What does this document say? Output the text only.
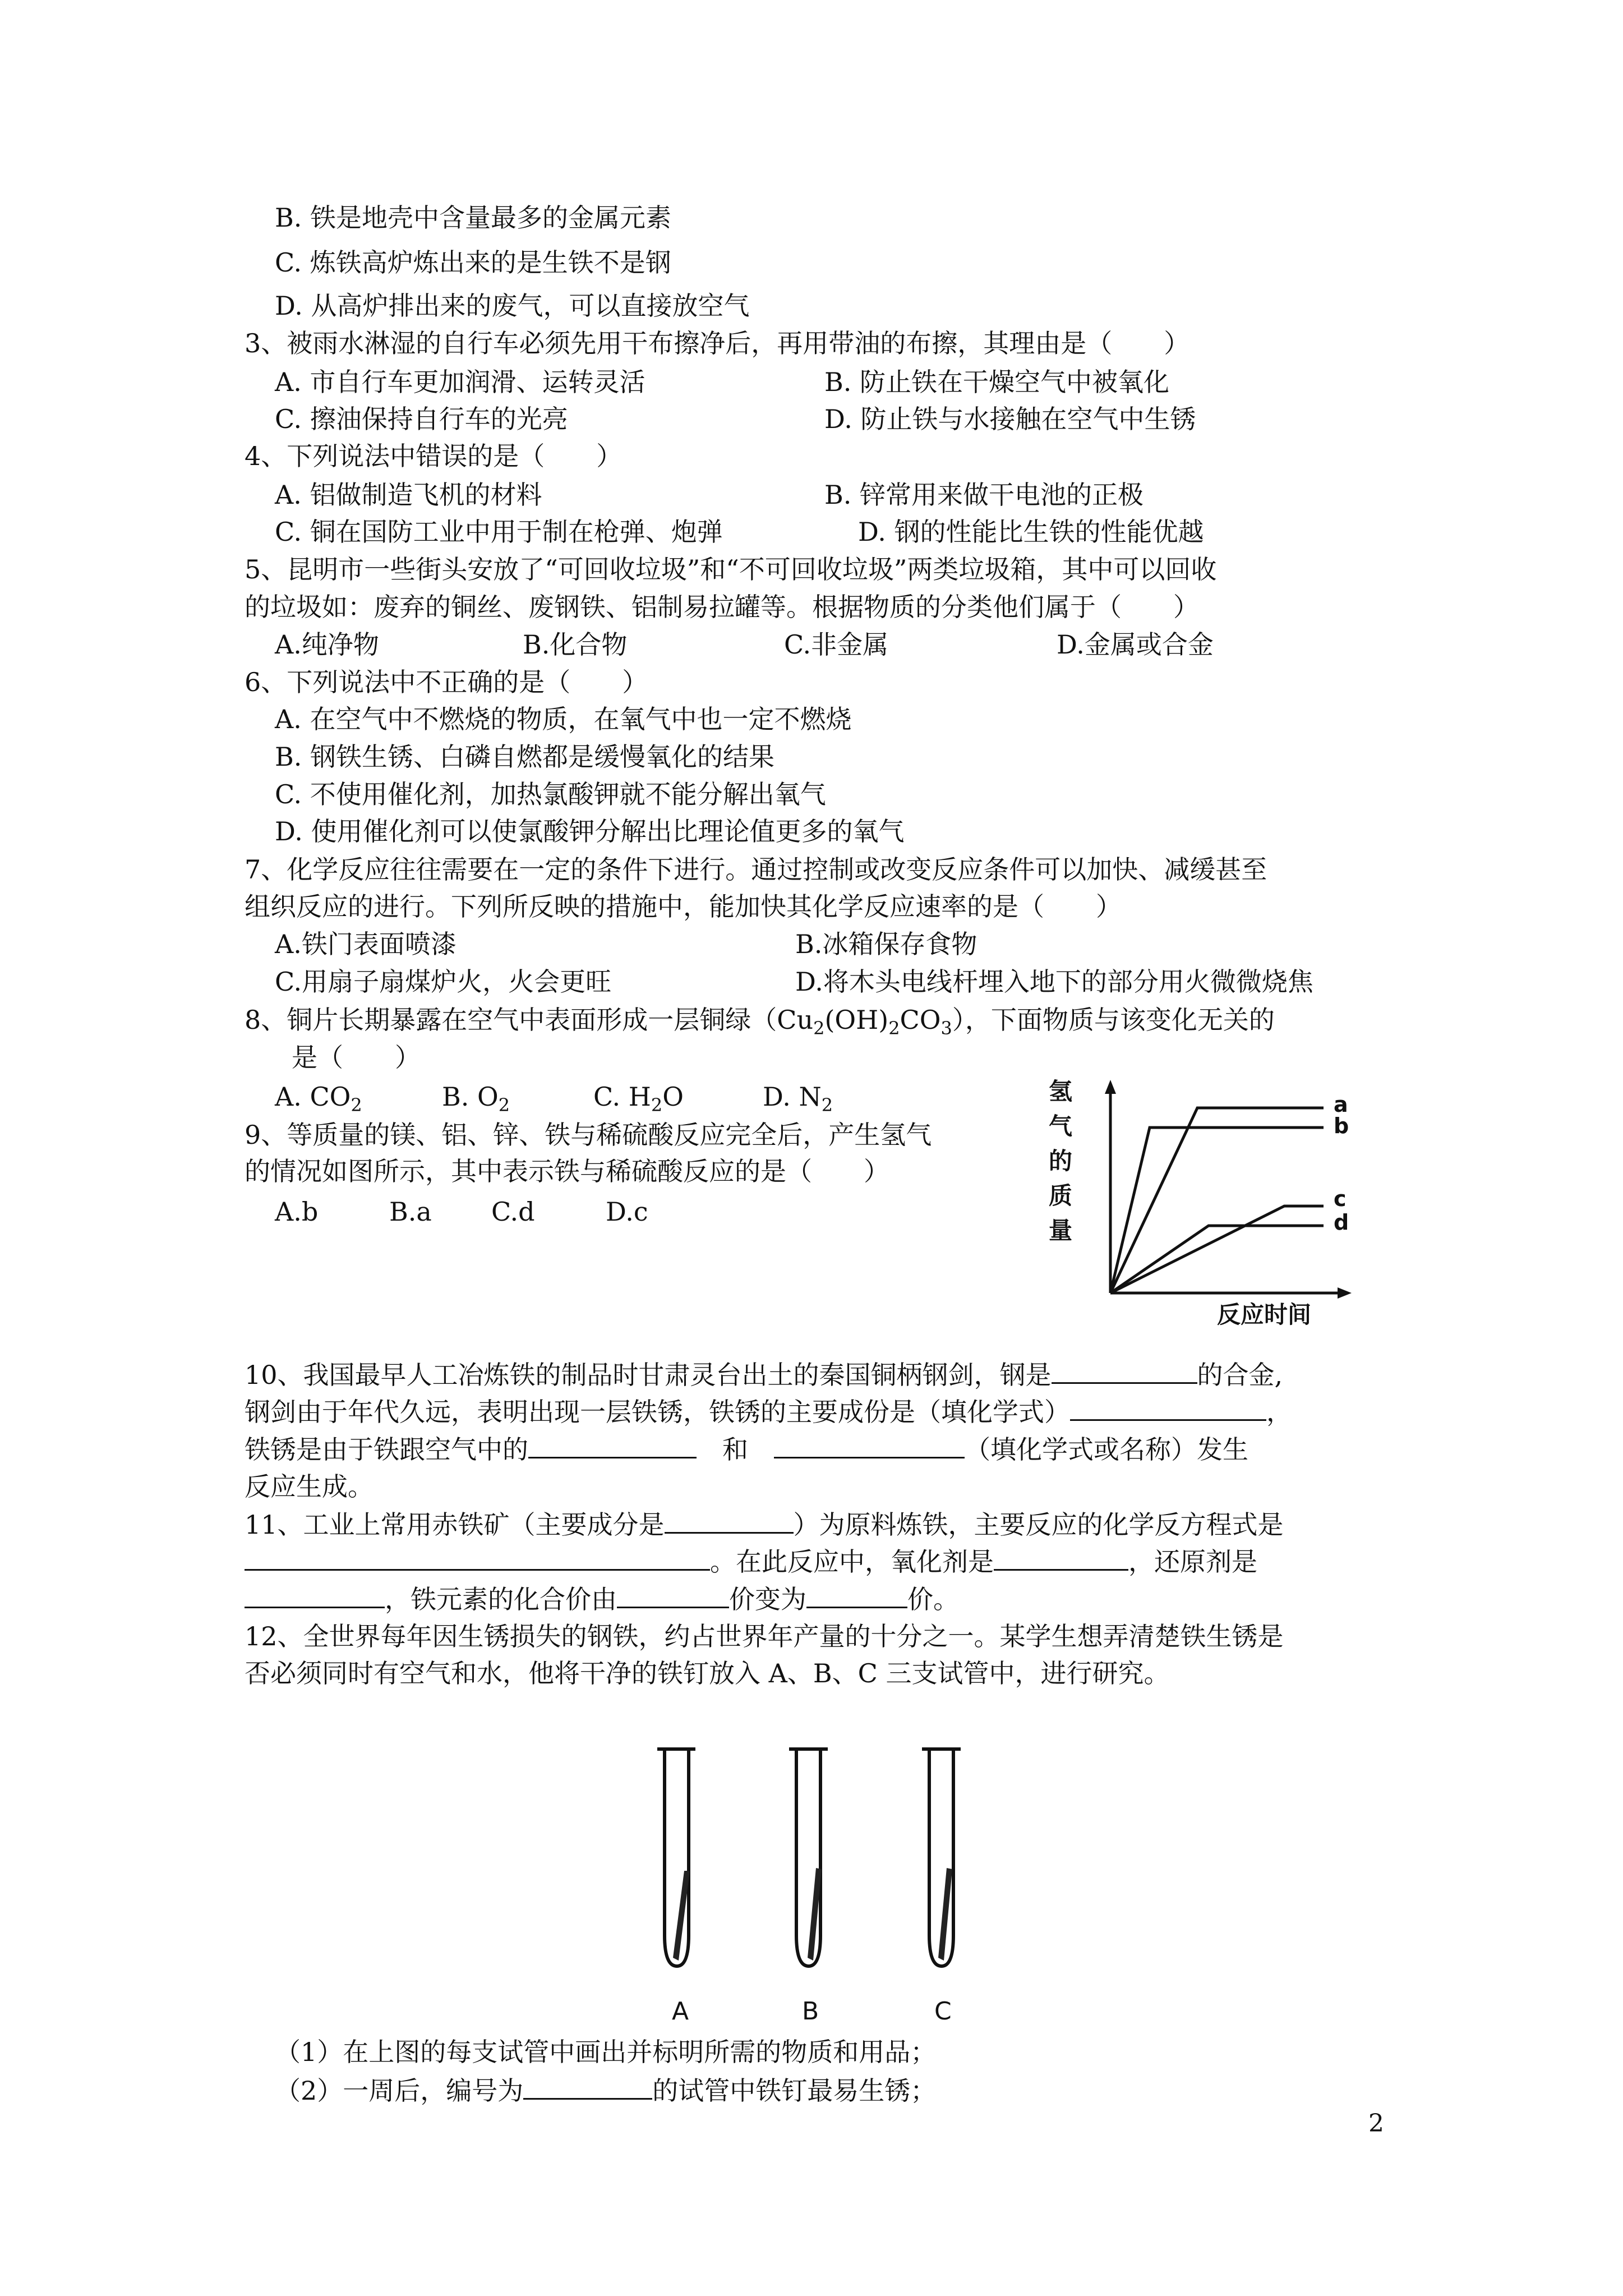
B. 铁是地壳中含量最多的金属元素
C. 炼铁高炉炼出来的是生铁不是钢
D. 从高炉排出来的废气，可以直接放空气
3、被雨水淋湿的自行车必须先用干布擦净后，再用带油的布擦，其理由是（　　）
A. 市自行车更加润滑、运转灵活	B. 防止铁在干燥空气中被氧化
C. 擦油保持自行车的光亮	D. 防止铁与水接触在空气中生锈
4、下列说法中错误的是（　　）
A. 铝做制造飞机的材料	B. 锌常用来做干电池的正极
C. 铜在国防工业中用于制在枪弹、炮弹	D. 钢的性能比生铁的性能优越
5、昆明市一些街头安放了“可回收垃圾”和“不可回收垃圾”两类垃圾箱，其中可以回收
的垃圾如：废弃的铜丝、废钢铁、铝制易拉罐等。根据物质的分类他们属于（　　）
A.纯净物	B.化合物	C.非金属	D.金属或合金
6、下列说法中不正确的是（　　）
A. 在空气中不燃烧的物质，在氧气中也一定不燃烧
B. 钢铁生锈、白磷自燃都是缓慢氧化的结果
C. 不使用催化剂，加热氯酸钾就不能分解出氧气
D. 使用催化剂可以使氯酸钾分解出比理论值更多的氧气
7、化学反应往往需要在一定的条件下进行。通过控制或改变反应条件可以加快、减缓甚至
组织反应的进行。下列所反映的措施中，能加快其化学反应速率的是（　　）
A.铁门表面喷漆	B.冰箱保存食物
C.用扇子扇煤炉火，火会更旺	D.将木头电线杆埋入地下的部分用火微微烧焦
8、铜片长期暴露在空气中表面形成一层铜绿$(Cu_2(OH)_2CO_3)$，下面物质与该变化无关的
是（　　）
A. $CO_2$	B. $O_2$	C. $H_2O$	D. $N_2$
9、等质量的镁、铝、锌、铁与稀硫酸反应完全后，产生氢气
的情况如图所示，其中表示铁与稀硫酸反应的是（　　）
A.b	B.a C.d	D.c
氢
气
的
质
量
a
b
c
d
反应时间
10、我国最早人工冶炼铁的制品时甘肃灵台出土的秦国铜柄钢剑，钢是	的合金,
钢剑由于年代久远，表明出现一层铁锈，铁锈的主要成份是（填化学式）	，
铁锈是由于铁跟空气中的　	和　	（填化学式或名称）发生
反应生成。
11、工业上常用赤铁矿（主要成分是	）为原料炼铁，主要反应的化学反方程式是
。在此反应中，氧化剂是	，还原剂是
，铁元素的化合价由	价变为	价。
12、全世界每年因生锈损失的钢铁，约占世界年产量的十分之一。某学生想弄清楚铁生锈是
否必须同时有空气和水，他将干净的铁钉放入 A、B、C 三支试管中，进行研究。
A	B	C
（1）在上图的每支试管中画出并标明所需的物质和用品；
（2）一周后，编号为	的试管中铁钉最易生锈；
2
